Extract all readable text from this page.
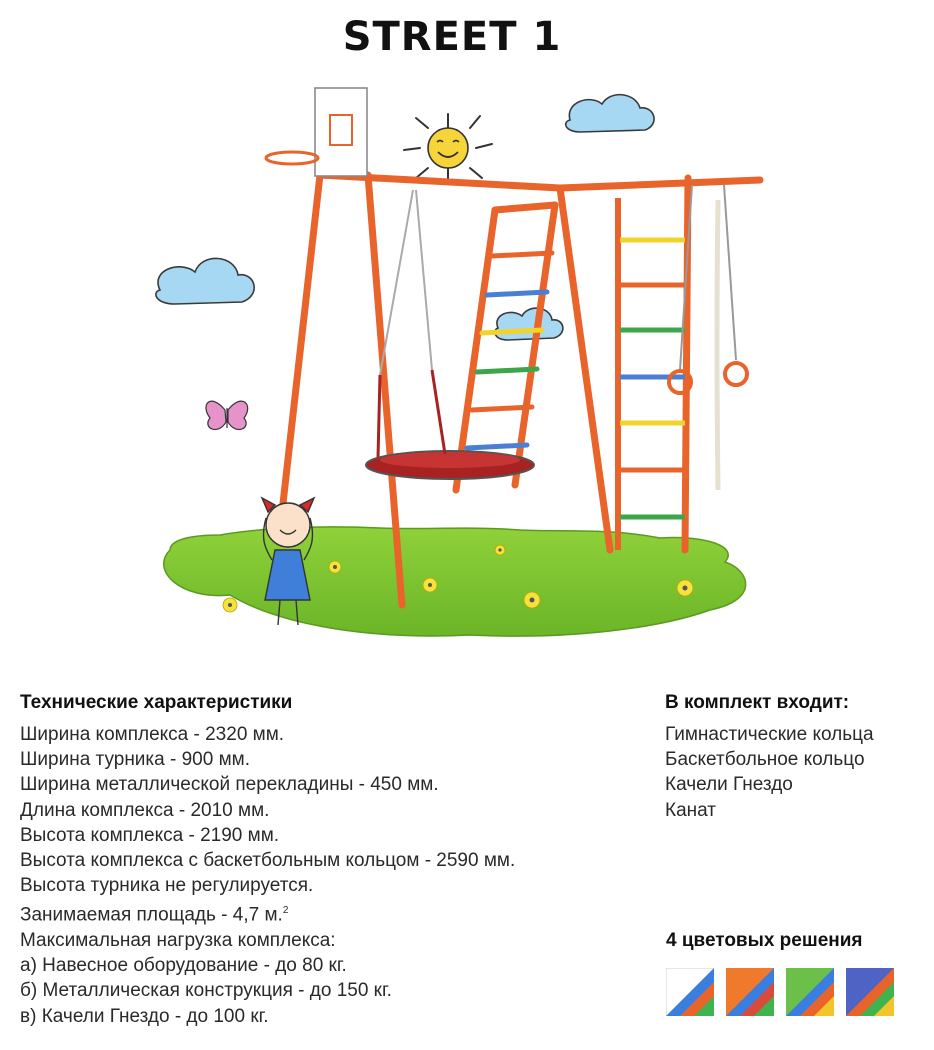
STREET 1
Технические характеристики
Ширина комплекса - 2320 мм.
Ширина турника - 900 мм.
Ширина металлической перекладины - 450 мм.
Длина комплекса - 2010 мм.
Высота комплекса - 2190 мм.
Высота комплекса с баскетбольным кольцом - 2590 мм.
Высота турника не регулируется.
Занимаемая площадь - 4,7 м.$^2$
Максимальная нагрузка комплекса:
а) Навесное оборудование - до 80 кг.
б) Металлическая конструкция - до 150 кг.
в) Качели Гнездо - до 100 кг.
В комплект входит:
Гимнастические кольца
Баскетбольное кольцо
Качели Гнездо
Канат
4 цветовых решения
